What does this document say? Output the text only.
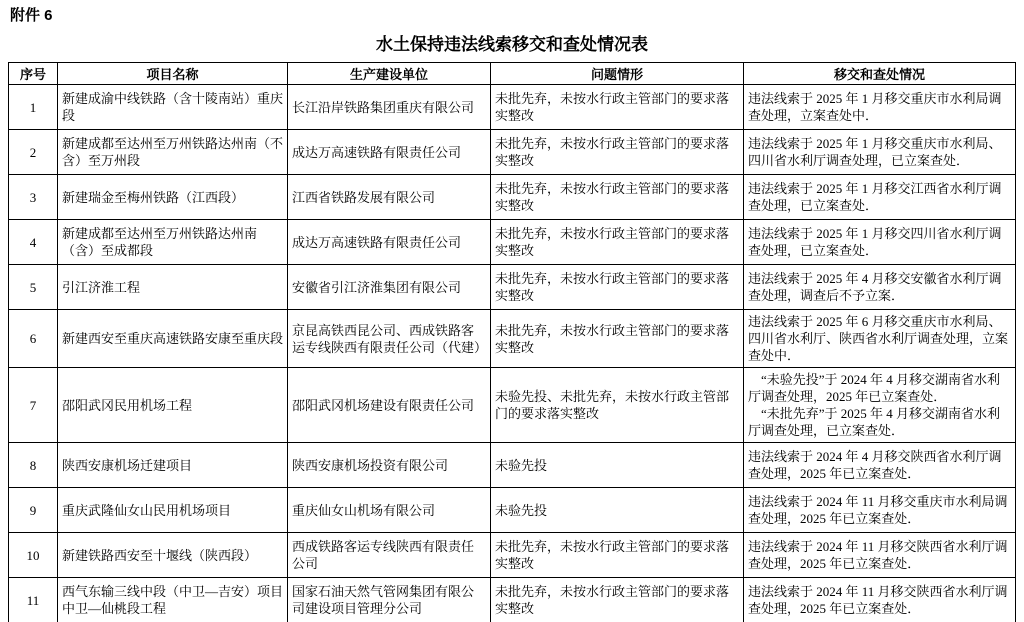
附件 6
水土保持违法线索移交和查处情况表
序号	项目名称	生产建设单位	问题情形	移交和查处情况
1	新建成渝中线铁路（含十陵南站）重庆段	长江沿岸铁路集团重庆有限公司	未批先弃，未按水行政主管部门的要求落实整改	违法线索于 2025 年 1 月移交重庆市水利局调查处理，立案查处中．

2	新建成都至达州至万州铁路达州南（不含）至万州段	成达万高速铁路有限责任公司	未批先弃，未按水行政主管部门的要求落实整改	违法线索于 2025 年 1 月移交重庆市水利局、四川省水利厅调查处理，已立案查处．

3	新建瑞金至梅州铁路（江西段）	江西省铁路发展有限公司	未批先弃，未按水行政主管部门的要求落实整改	违法线索于 2025 年 1 月移交江西省水利厅调查处理，已立案查处．

4	新建成都至达州至万州铁路达州南（含）至成都段	成达万高速铁路有限责任公司	未批先弃，未按水行政主管部门的要求落实整改	违法线索于 2025 年 1 月移交四川省水利厅调查处理，已立案查处．

5	引江济淮工程	安徽省引江济淮集团有限公司	未批先弃，未按水行政主管部门的要求落实整改	违法线索于 2025 年 4 月移交安徽省水利厅调查处理，调查后不予立案．

6	新建西安至重庆高速铁路安康至重庆段	京昆高铁西昆公司、西成铁路客运专线陕西有限责任公司（代建）	未批先弃，未按水行政主管部门的要求落实整改	违法线索于 2025 年 6 月移交重庆市水利局、四川省水利厅、陕西省水利厅调查处理，立案查处中．

7	邵阳武冈民用机场工程	邵阳武冈机场建设有限责任公司	未验先投、未批先弃，未按水行政主管部门的要求落实整改	　“未验先投”于 2024 年 4 月移交湖南省水利厅调查处理，2025 年已立案查处．

　“未批先弃”于 2025 年 4 月移交湖南省水利厅调查处理，已立案查处．

8	陕西安康机场迁建项目	陕西安康机场投资有限公司	未验先投	违法线索于 2024 年 4 月移交陕西省水利厅调查处理，2025 年已立案查处．

9	重庆武隆仙女山民用机场项目	重庆仙女山机场有限公司	未验先投	违法线索于 2024 年 11 月移交重庆市水利局调查处理，2025 年已立案查处．

10	新建铁路西安至十堰线（陕西段）	西成铁路客运专线陕西有限责任公司	未批先弃，未按水行政主管部门的要求落实整改	违法线索于 2024 年 11 月移交陕西省水利厅调查处理，2025 年已立案查处．

11	西气东输三线中段（中卫—吉安）项目中卫—仙桃段工程	国家石油天然气管网集团有限公司建设项目管理分公司	未批先弃，未按水行政主管部门的要求落实整改	违法线索于 2024 年 11 月移交陕西省水利厅调查处理，2025 年已立案查处．
